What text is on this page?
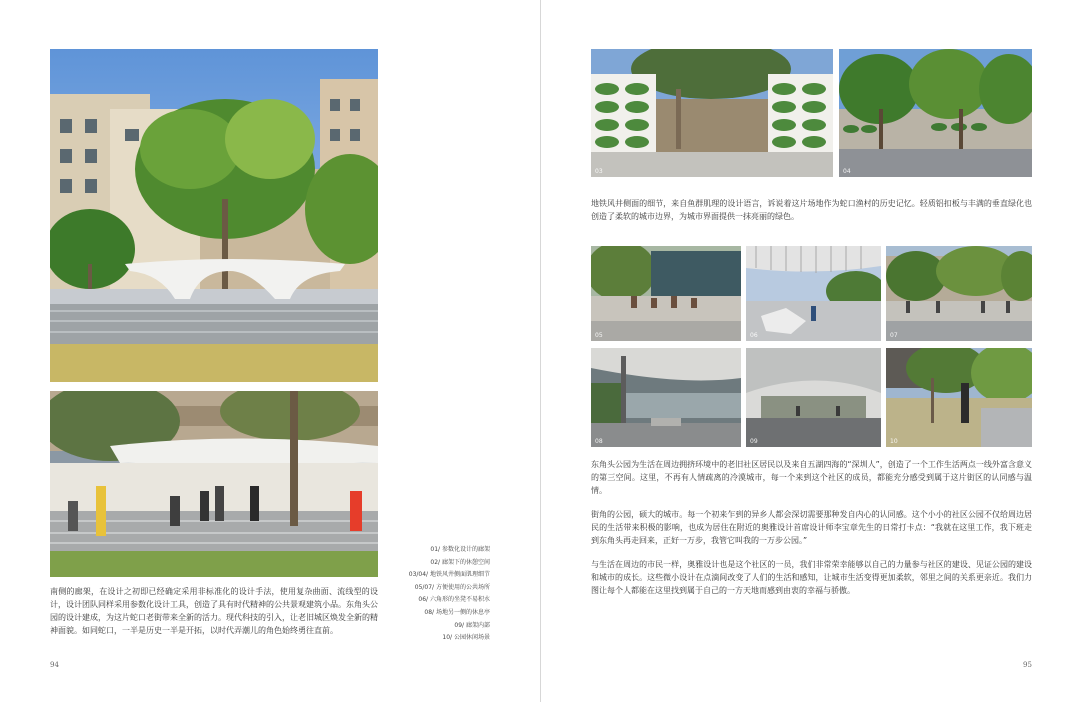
01/ 参数化设计的廊架
02/ 廊架下的休憩空间
03/04/ 地铁风井侧面肌理细节
05/07/ 方便使用的公共场所
06/ 六角形的坐凳不易积水
08/ 场地另一侧的休息亭
09/ 廊架内部
10/ 公园休闲场景

南侧的廊架，在设计之初即已经确定采用非标准化的设计手法，使用复杂曲面、流线型的设计，设计团队同样采用参数化设计工具，创造了具有时代精神的公共景观建筑小品。东角头公园的设计建成，为这片蛇口老街带来全新的活力。现代科技的引入，让老旧城区焕发全新的精神面貌。如同蛇口，一半是历史一半是开拓，以时代弄潮儿的角色始终勇往直前。

94
03	04

地铁风井侧面的细节，来自鱼群肌理的设计语言，诉说着这片场地作为蛇口渔村的历史记忆。轻质铝扣板与丰满的垂直绿化也创造了柔软的城市边界，为城市界面提供一抹亮丽的绿色。

05	06	07
08	09	10

东角头公园为生活在周边拥挤环境中的老旧社区居民以及来自五湖四海的“深圳人”，创造了一个工作生活两点一线外富含意义的第三空间。这里，不再有人情疏离的冷漠城市，每一个来到这个社区的成员，都能充分感受到属于这片街区的认同感与温情。

街角的公园，硕大的城市。每一个初来乍到的异乡人都会深切需要那种发自内心的认同感。这个小小的社区公园不仅给周边居民的生活带来积极的影响，也成为居住在附近的奥雅设计首席设计师李宝章先生的日常打卡点：“我就在这里工作，我下班走到东角头再走回来，正好一万步，我管它叫我的一万步公园。”

与生活在周边的市民一样，奥雅设计也是这个社区的一员，我们非常荣幸能够以自己的力量参与社区的建设、见证公园的建设和城市的成长。这些微小设计在点滴间改变了人们的生活和感知，让城市生活变得更加柔软，邻里之间的关系更亲近。我们力图让每个人都能在这里找到属于自己的一方天地而感到由衷的幸福与骄傲。

95
